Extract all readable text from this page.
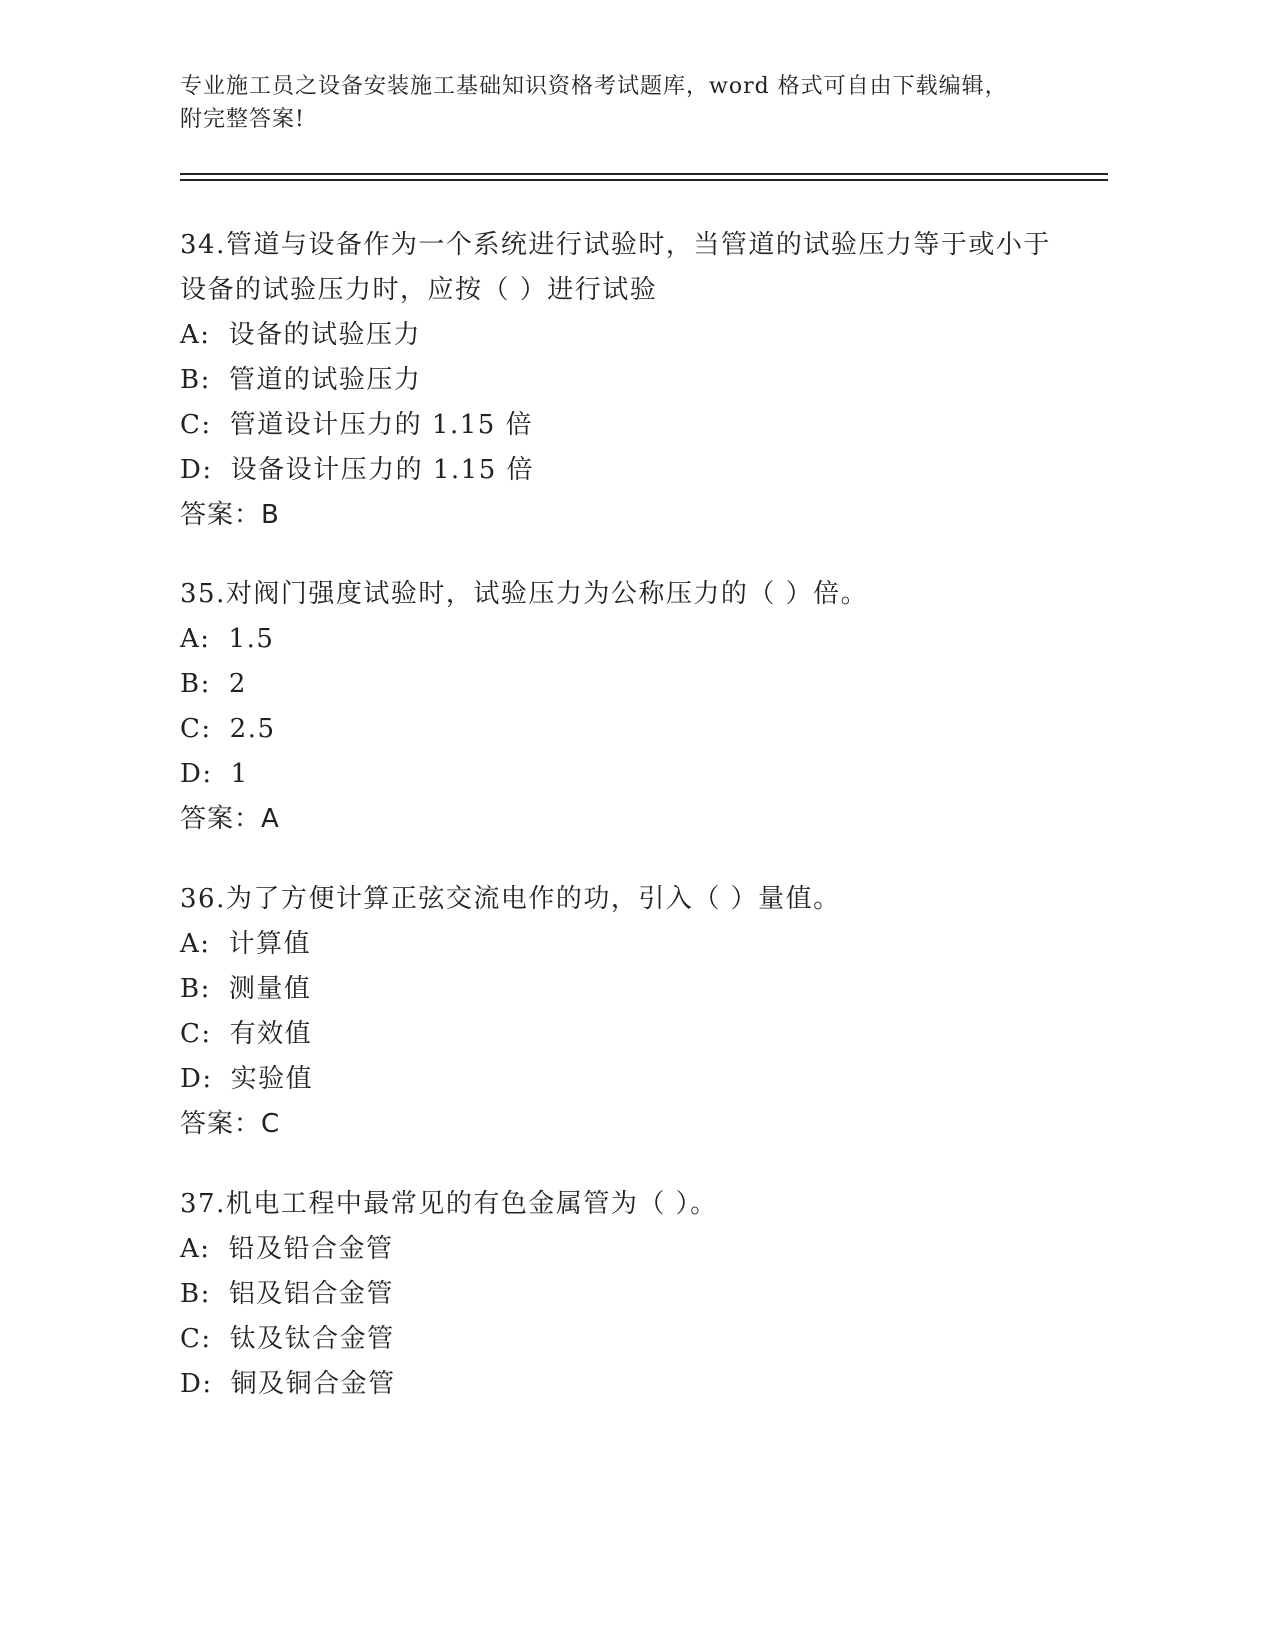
专业施工员之设备安装施工基础知识资格考试题库，word 格式可自由下载编辑，
附完整答案!

34.管道与设备作为一个系统进行试验时，当管道的试验压力等于或小于设备的试验压力时，应按（ ）进行试验

A: 设备的试验压力

B: 管道的试验压力

C: 管道设计压力的 1.15 倍

D: 设备设计压力的 1.15 倍

答案：B

35.对阀门强度试验时，试验压力为公称压力的（ ）倍。

A: 1.5

B: 2

C: 2.5

D: 1

答案：A

36.为了方便计算正弦交流电作的功，引入（ ）量值。

A: 计算值

B: 测量值

C: 有效值

D: 实验值

答案：C

37.机电工程中最常见的有色金属管为（ ）。

A: 铅及铅合金管

B: 铝及铝合金管

C: 钛及钛合金管

D: 铜及铜合金管
